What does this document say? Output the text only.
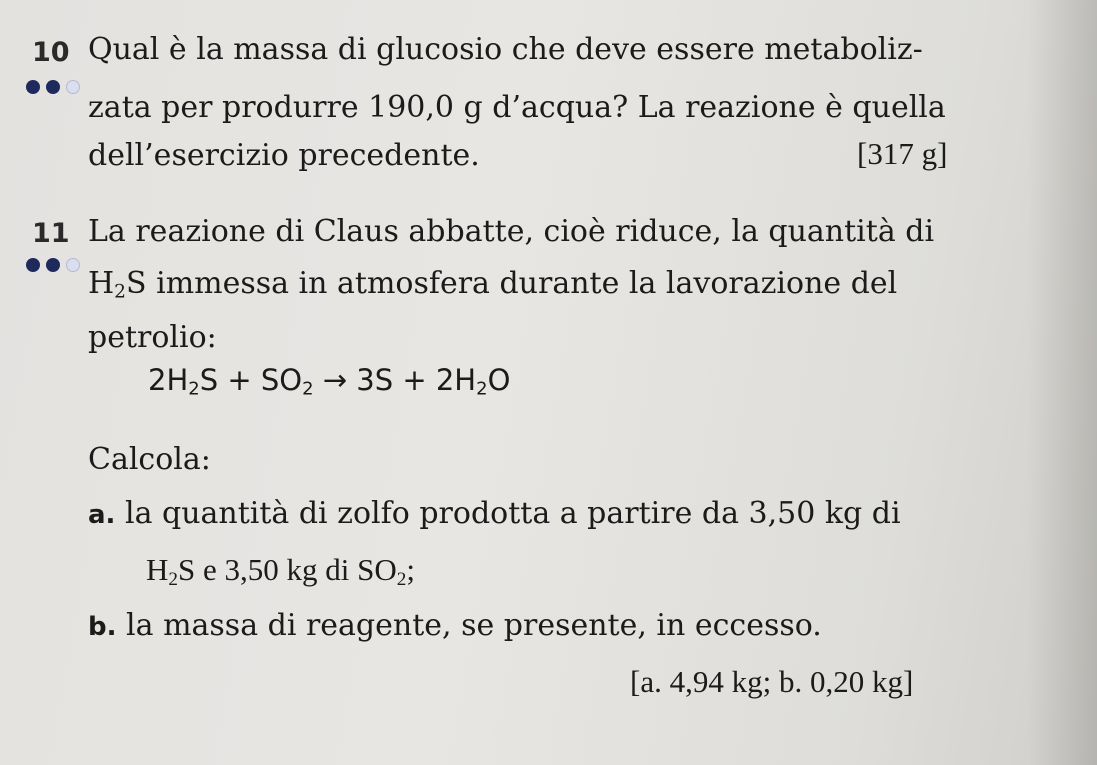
10 Qual è la massa di glucosio che deve essere metaboliz-
zata per produrre 190,0 g d’acqua? La reazione è quella
dell’esercizio precedente.	[317 g]
11 La reazione di Claus abbatte, cioè riduce, la quantità di
$H_2S$ immessa in atmosfera durante la lavorazione del
petrolio:
$2H_2S + SO_2 \to 3S + 2H_2O$
Calcola:
a. la quantità di zolfo prodotta a partire da 3,50 kg di
$H_2S$ e 3,50 kg di $SO_2$;
b. la massa di reagente, se presente, in eccesso.
[a. 4,94 kg; b. 0,20 kg]
